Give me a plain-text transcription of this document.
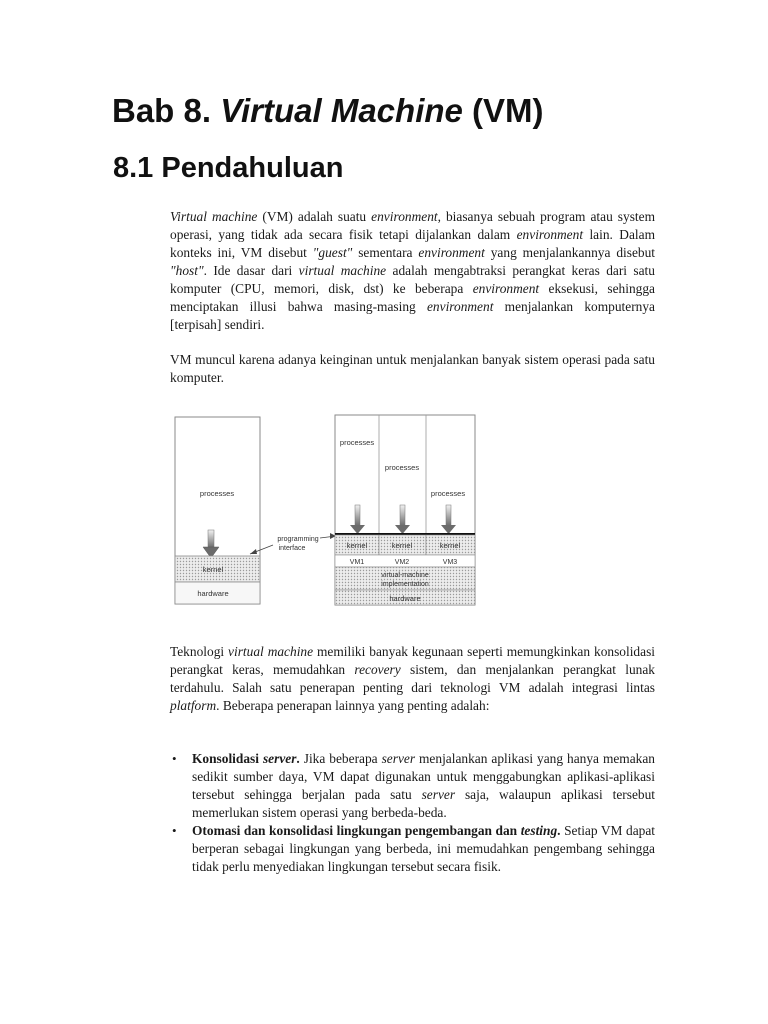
Bab 8. Virtual Machine (VM)
8.1 Pendahuluan

Virtual machine (VM) adalah suatu environment, biasanya sebuah program atau system operasi, yang tidak ada secara fisik tetapi dijalankan dalam environment lain. Dalam konteks ini, VM disebut "guest" sementara environment yang menjalankannya disebut "host". Ide dasar dari virtual machine adalah mengabtraksi perangkat keras dari satu komputer (CPU, memori, disk, dst) ke beberapa environment eksekusi, sehingga menciptakan illusi bahwa masing-masing environment menjalankan komputernya [terpisah] sendiri.

VM muncul karena adanya keinginan untuk menjalankan banyak sistem operasi pada satu komputer.

processes
kernel
hardware
programming
interface
processes
processes
processes
kernel	kernel	kernel
VM1	VM2	VM3
virtual-machine
implementation
hardware

Teknologi virtual machine memiliki banyak kegunaan seperti memungkinkan konsolidasi perangkat keras, memudahkan recovery sistem, dan menjalankan perangkat lunak terdahulu. Salah satu penerapan penting dari teknologi VM adalah integrasi lintas platform. Beberapa penerapan lainnya yang penting adalah:

• Konsolidasi server. Jika beberapa server menjalankan aplikasi yang hanya memakan sedikit sumber daya, VM dapat digunakan untuk menggabungkan aplikasi-aplikasi tersebut sehingga berjalan pada satu server saja, walaupun aplikasi tersebut memerlukan sistem operasi yang berbeda-beda.
• Otomasi dan konsolidasi lingkungan pengembangan dan testing. Setiap VM dapat berperan sebagai lingkungan yang berbeda, ini memudahkan pengembang sehingga tidak perlu menyediakan lingkungan tersebut secara fisik.
